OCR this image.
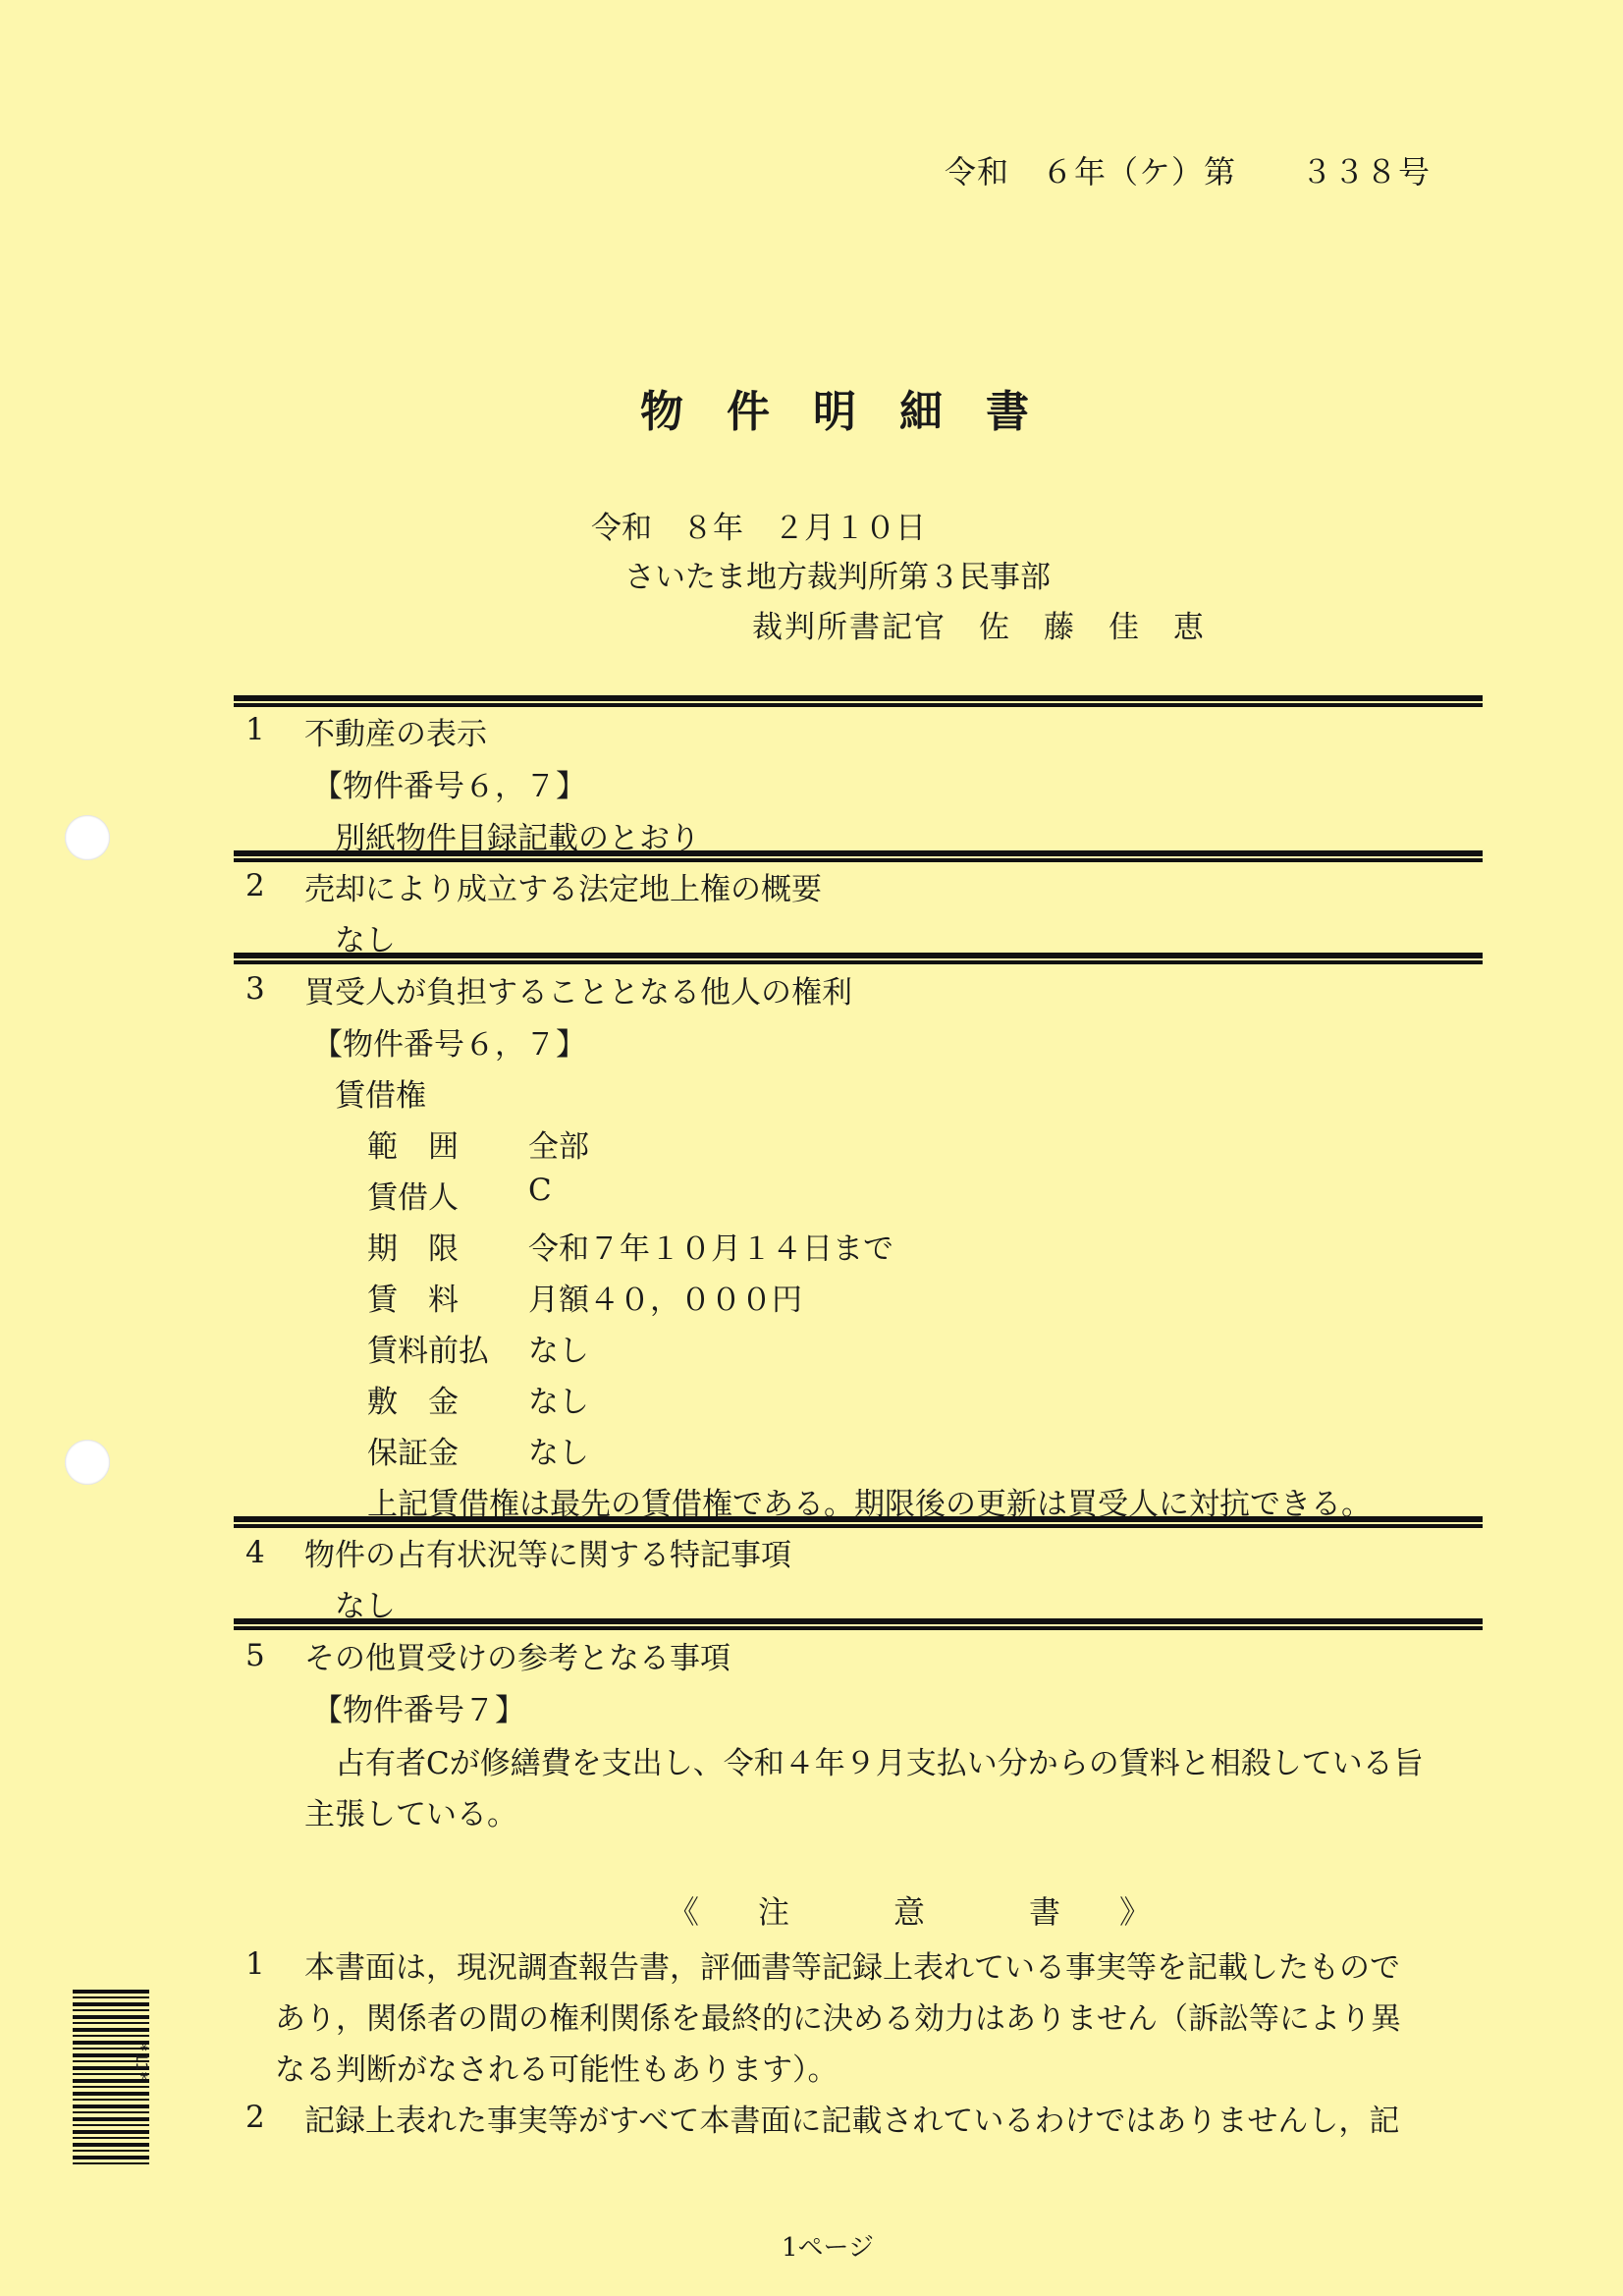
令和　６年（ケ）第　　３３８号
物件明細書
令和　８年　２月１０日
さいたま地方裁判所第３民事部
裁判所書記官　佐　藤　佳　恵
1 不動産の表示
【物件番号６，７】
別紙物件目録記載のとおり
2 売却により成立する法定地上権の概要
なし
3 買受人が負担することとなる他人の権利
【物件番号６，７】
賃借権
範　囲 全部
賃借人 C
期　限 令和７年１０月１４日まで
賃　料 月額４０，０００円
賃料前払 なし
敷　金 なし
保証金 なし
上記賃借権は最先の賃借権である。期限後の更新は買受人に対抗できる。
4 物件の占有状況等に関する特記事項
なし
5 その他買受けの参考となる事項
【物件番号７】
占有者Cが修繕費を支出し、令和４年９月支払い分からの賃料と相殺している旨
主張している。
《　注　　意　　書　》
1 本書面は，現況調査報告書，評価書等記録上表れている事実等を記載したもので
あり，関係者の間の権利関係を最終的に決める効力はありません（訴訟等により異
なる判断がなされる可能性もあります）。
2 記録上表れた事実等がすべて本書面に記載されているわけではありませんし，記
*11*
1ページ
